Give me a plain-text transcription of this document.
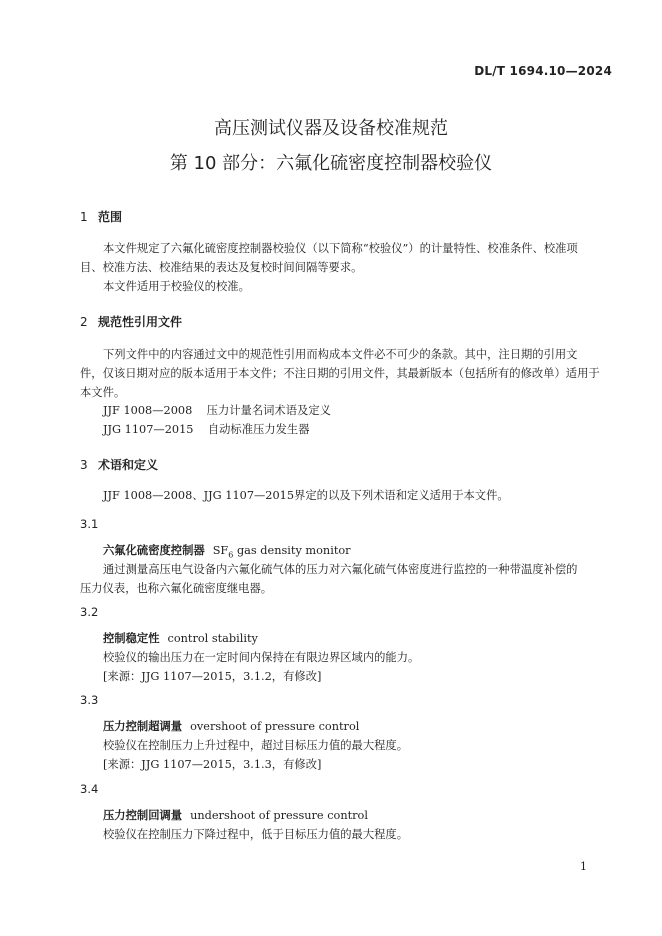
DL/T 1694.10—2024
高压测试仪器及设备校准规范
第 10 部分：六氟化硫密度控制器校验仪
1 范围
本文件规定了六氟化硫密度控制器校验仪（以下简称“校验仪”）的计量特性、校准条件、校准项目、校准方法、校准结果的表达及复校时间间隔等要求。
本文件适用于校验仪的校准。
2 规范性引用文件
下列文件中的内容通过文中的规范性引用而构成本文件必不可少的条款。其中，注日期的引用文件，仅该日期对应的版本适用于本文件；不注日期的引用文件，其最新版本（包括所有的修改单）适用于本文件。
JJF 1008—2008    压力计量名词术语及定义
JJG 1107—2015    自动标准压力发生器
3 术语和定义
JJF 1008—2008、JJG 1107—2015界定的以及下列术语和定义适用于本文件。
3.1
六氟化硫密度控制器 $SF_6$ gas density monitor
通过测量高压电气设备内六氟化硫气体的压力对六氟化硫气体密度进行监控的一种带温度补偿的
压力仪表，也称六氟化硫密度继电器。
3.2
控制稳定性 control stability
校验仪的输出压力在一定时间内保持在有限边界区域内的能力。
[来源：JJG 1107—2015，3.1.2，有修改]
3.3
压力控制超调量 overshoot of pressure control
校验仪在控制压力上升过程中，超过目标压力值的最大程度。
[来源：JJG 1107—2015，3.1.3，有修改]
3.4
压力控制回调量 undershoot of pressure control
校验仪在控制压力下降过程中，低于目标压力值的最大程度。
1
